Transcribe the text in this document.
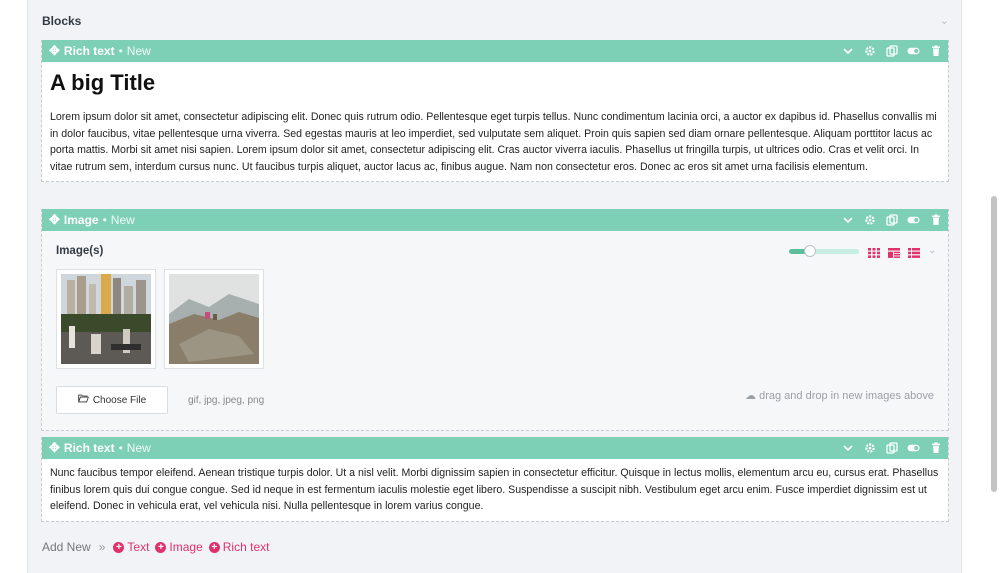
Blocks	⌄
✥ Rich text • New
A big Title
Lorem ipsum dolor sit amet, consectetur adipiscing elit. Donec quis rutrum odio. Pellentesque eget turpis tellus. Nunc condimentum lacinia orci, a auctor ex dapibus id. Phasellus convallis mi in dolor faucibus, vitae pellentesque urna viverra. Sed egestas mauris at leo imperdiet, sed vulputate sem aliquet. Proin quis sapien sed diam ornare pellentesque. Aliquam porttitor lacus ac porta mattis. Morbi sit amet nisi sapien. Lorem ipsum dolor sit amet, consectetur adipiscing elit. Cras auctor viverra iaculis. Phasellus ut fringilla turpis, ut ultrices odio. Cras et velit orci. In vitae rutrum sem, interdum cursus nunc. Ut faucibus turpis aliquet, auctor lacus ac, finibus augue. Nam non consectetur eros. Donec ac eros sit amet urna facilisis elementum.
✥ Image • New
Image(s)	⌄
Choose File	gif, jpg, jpeg, png	☁ drag and drop in new images above
✥ Rich text • New
Nunc faucibus tempor eleifend. Aenean tristique turpis dolor. Ut a nisl velit. Morbi dignissim sapien in consectetur efficitur. Quisque in lectus mollis, elementum arcu eu, cursus erat. Phasellus finibus lorem quis dui congue congue. Sed id neque in est fermentum iaculis molestie eget libero. Suspendisse a suscipit nibh. Vestibulum eget arcu enim. Fusce imperdiet dignissim est ut eleifend. Donec in vehicula erat, vel vehicula nisi. Nulla pellentesque in lorem varius congue.
Add New » + Text + Image + Rich text
